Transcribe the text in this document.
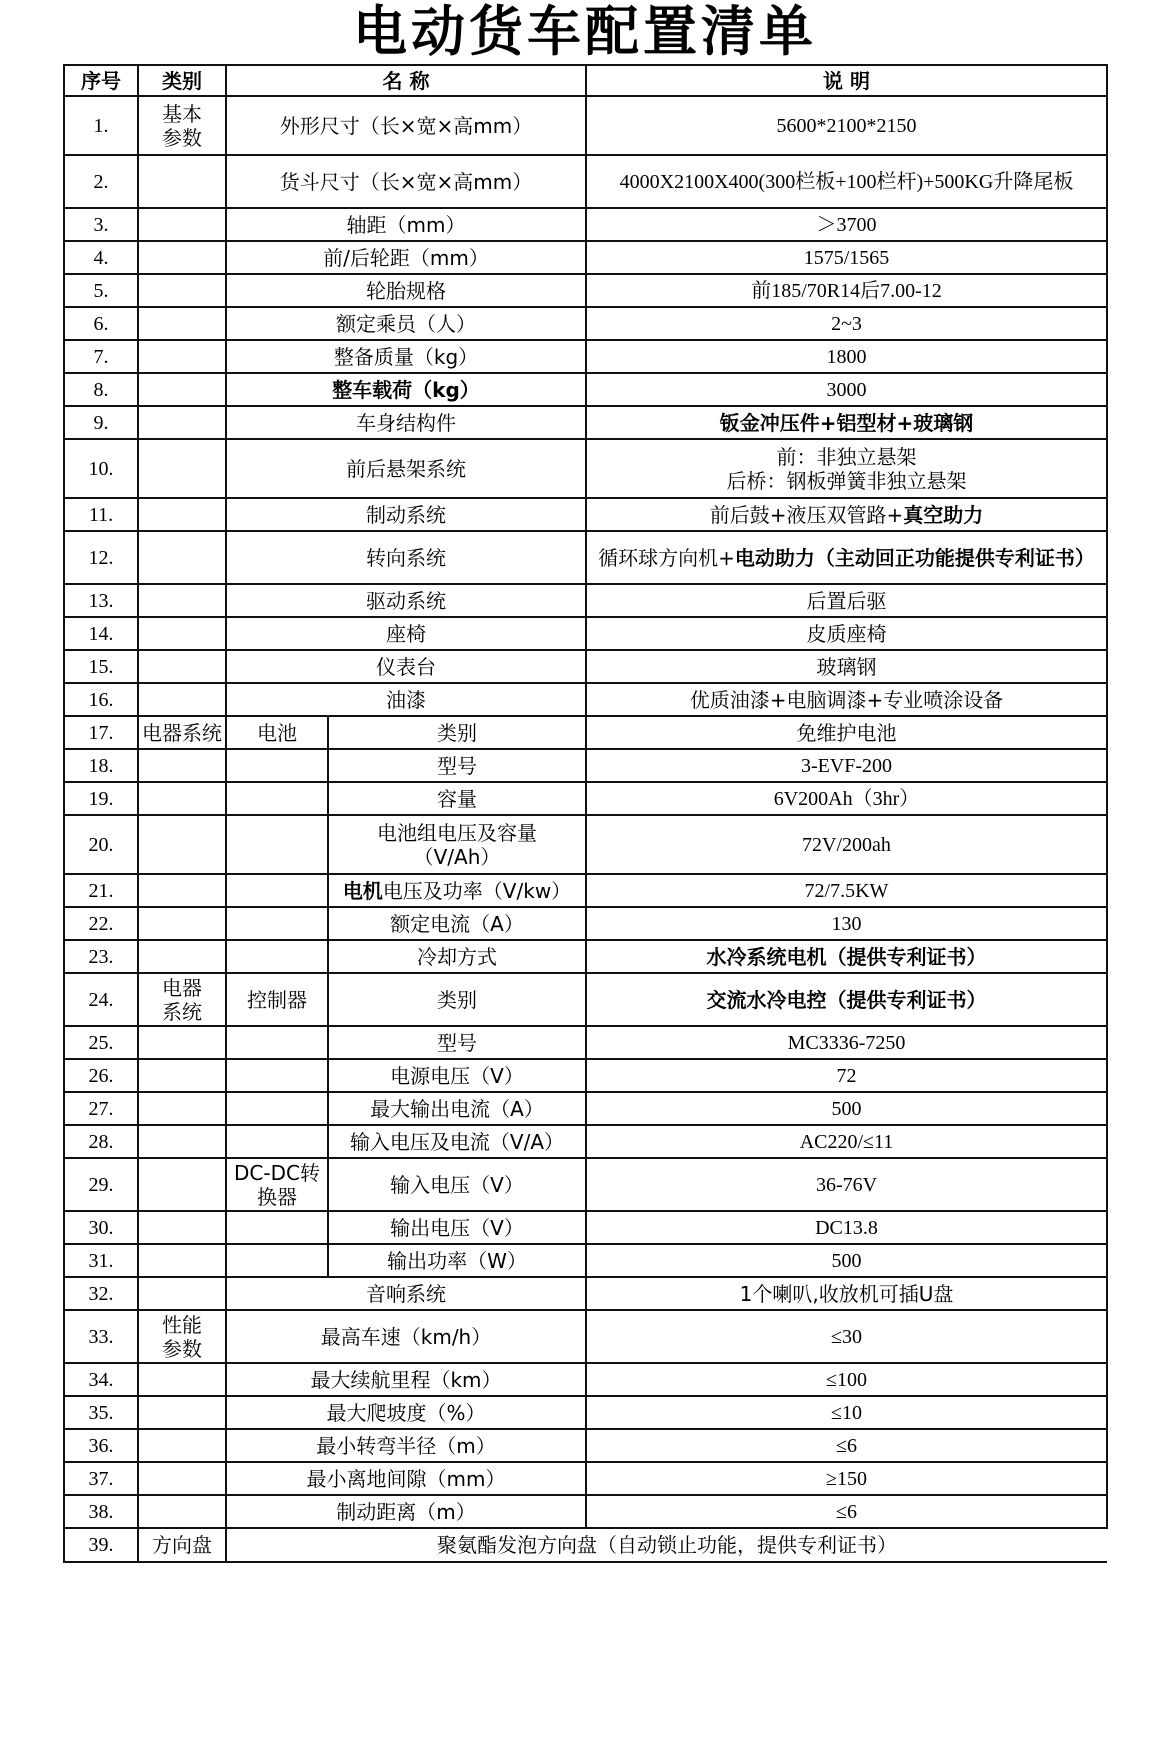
电动货车配置清单
序号	类别	名 称		说 明
1.	基本参数	外形尺寸（长×宽×高mm）		5600*2100*2150
2.		货斗尺寸（长×宽×高mm）		4000X2100X400(300栏板+100栏杆)+500KG升降尾板
3.		轴距（mm）		＞3700
4.		前/后轮距（mm）		1575/1565
5.		轮胎规格		前185/70R14后7.00-12
6.		额定乘员（人）		2~3
7.		整备质量（kg）		1800
8.		整车载荷（kg）		3000
9.		车身结构件		钣金冲压件+铝型材+玻璃钢
10.		前后悬架系统		前：非独立悬架
后桥：钢板弹簧非独立悬架

11.		制动系统		前后鼓+液压双管路+真空助力
12.		转向系统		循环球方向机+电动助力（主动回正功能提供专利证书）
13.		驱动系统		后置后驱
14.		座椅		皮质座椅
15.		仪表台		玻璃钢
16.		油漆		优质油漆+电脑调漆+专业喷涂设备
17.	电器系统	电池	类别	免维护电池
18.			型号	3-EVF-200
19.			容量	6V200Ah（3hr）
20.			电池组电压及容量（V/Ah）	72V/200ah
21.			电机电压及功率（V/kw）	72/7.5KW
22.			额定电流（A）	130
23.			冷却方式	水冷系统电机（提供专利证书）
24.	电器系统	控制器	类别	交流水冷电控（提供专利证书）
25.			型号	MC3336-7250
26.			电源电压（V）	72
27.			最大输出电流（A）	500
28.			输入电压及电流（V/A）	AC220/≤11
29.		DC-DC转换器	输入电压（V）	36-76V
30.			输出电压（V）	DC13.8
31.			输出功率（W）	500
32.		音响系统		1个喇叭,收放机可插U盘
33.	性能参数	最高车速（km/h）		≤30
34.		最大续航里程（km）		≤100
35.		最大爬坡度（%）		≤10
36.		最小转弯半径（m）		≤6
37.		最小离地间隙（mm）		≥150
38.		制动距离（m）		≤6
39.	方向盘	聚氨酯发泡方向盘（自动锁止功能，提供专利证书）		
